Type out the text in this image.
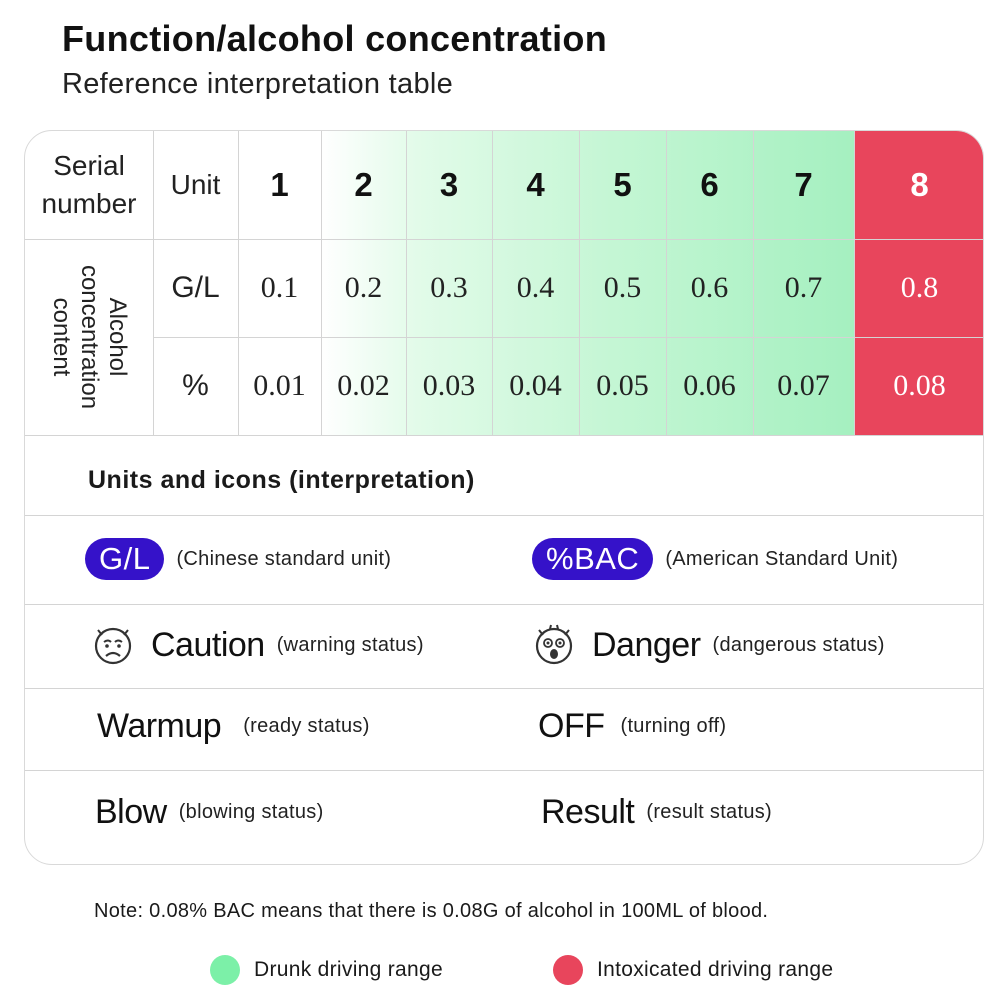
Function/alcohol concentration
Reference interpretation table
Serial
number
Unit	1	2	3	4	5	6	7	8
Alcohol
concentration
content
G/L	0.1	0.2	0.3	0.4	0.5	0.6	0.7	0.8
%	0.01	0.02	0.03	0.04	0.05	0.06	0.07	0.08
Units and icons (interpretation)
G/L	(Chinese standard unit)	%BAC	(American Standard Unit)
Caution (warning status)	Danger (dangerous status)
Warmup (ready status)	OFF (turning off)
Blow (blowing status)	Result (result status)
Note: 0.08% BAC means that there is 0.08G of alcohol in 100ML of blood.
Drunk driving range	Intoxicated driving range
